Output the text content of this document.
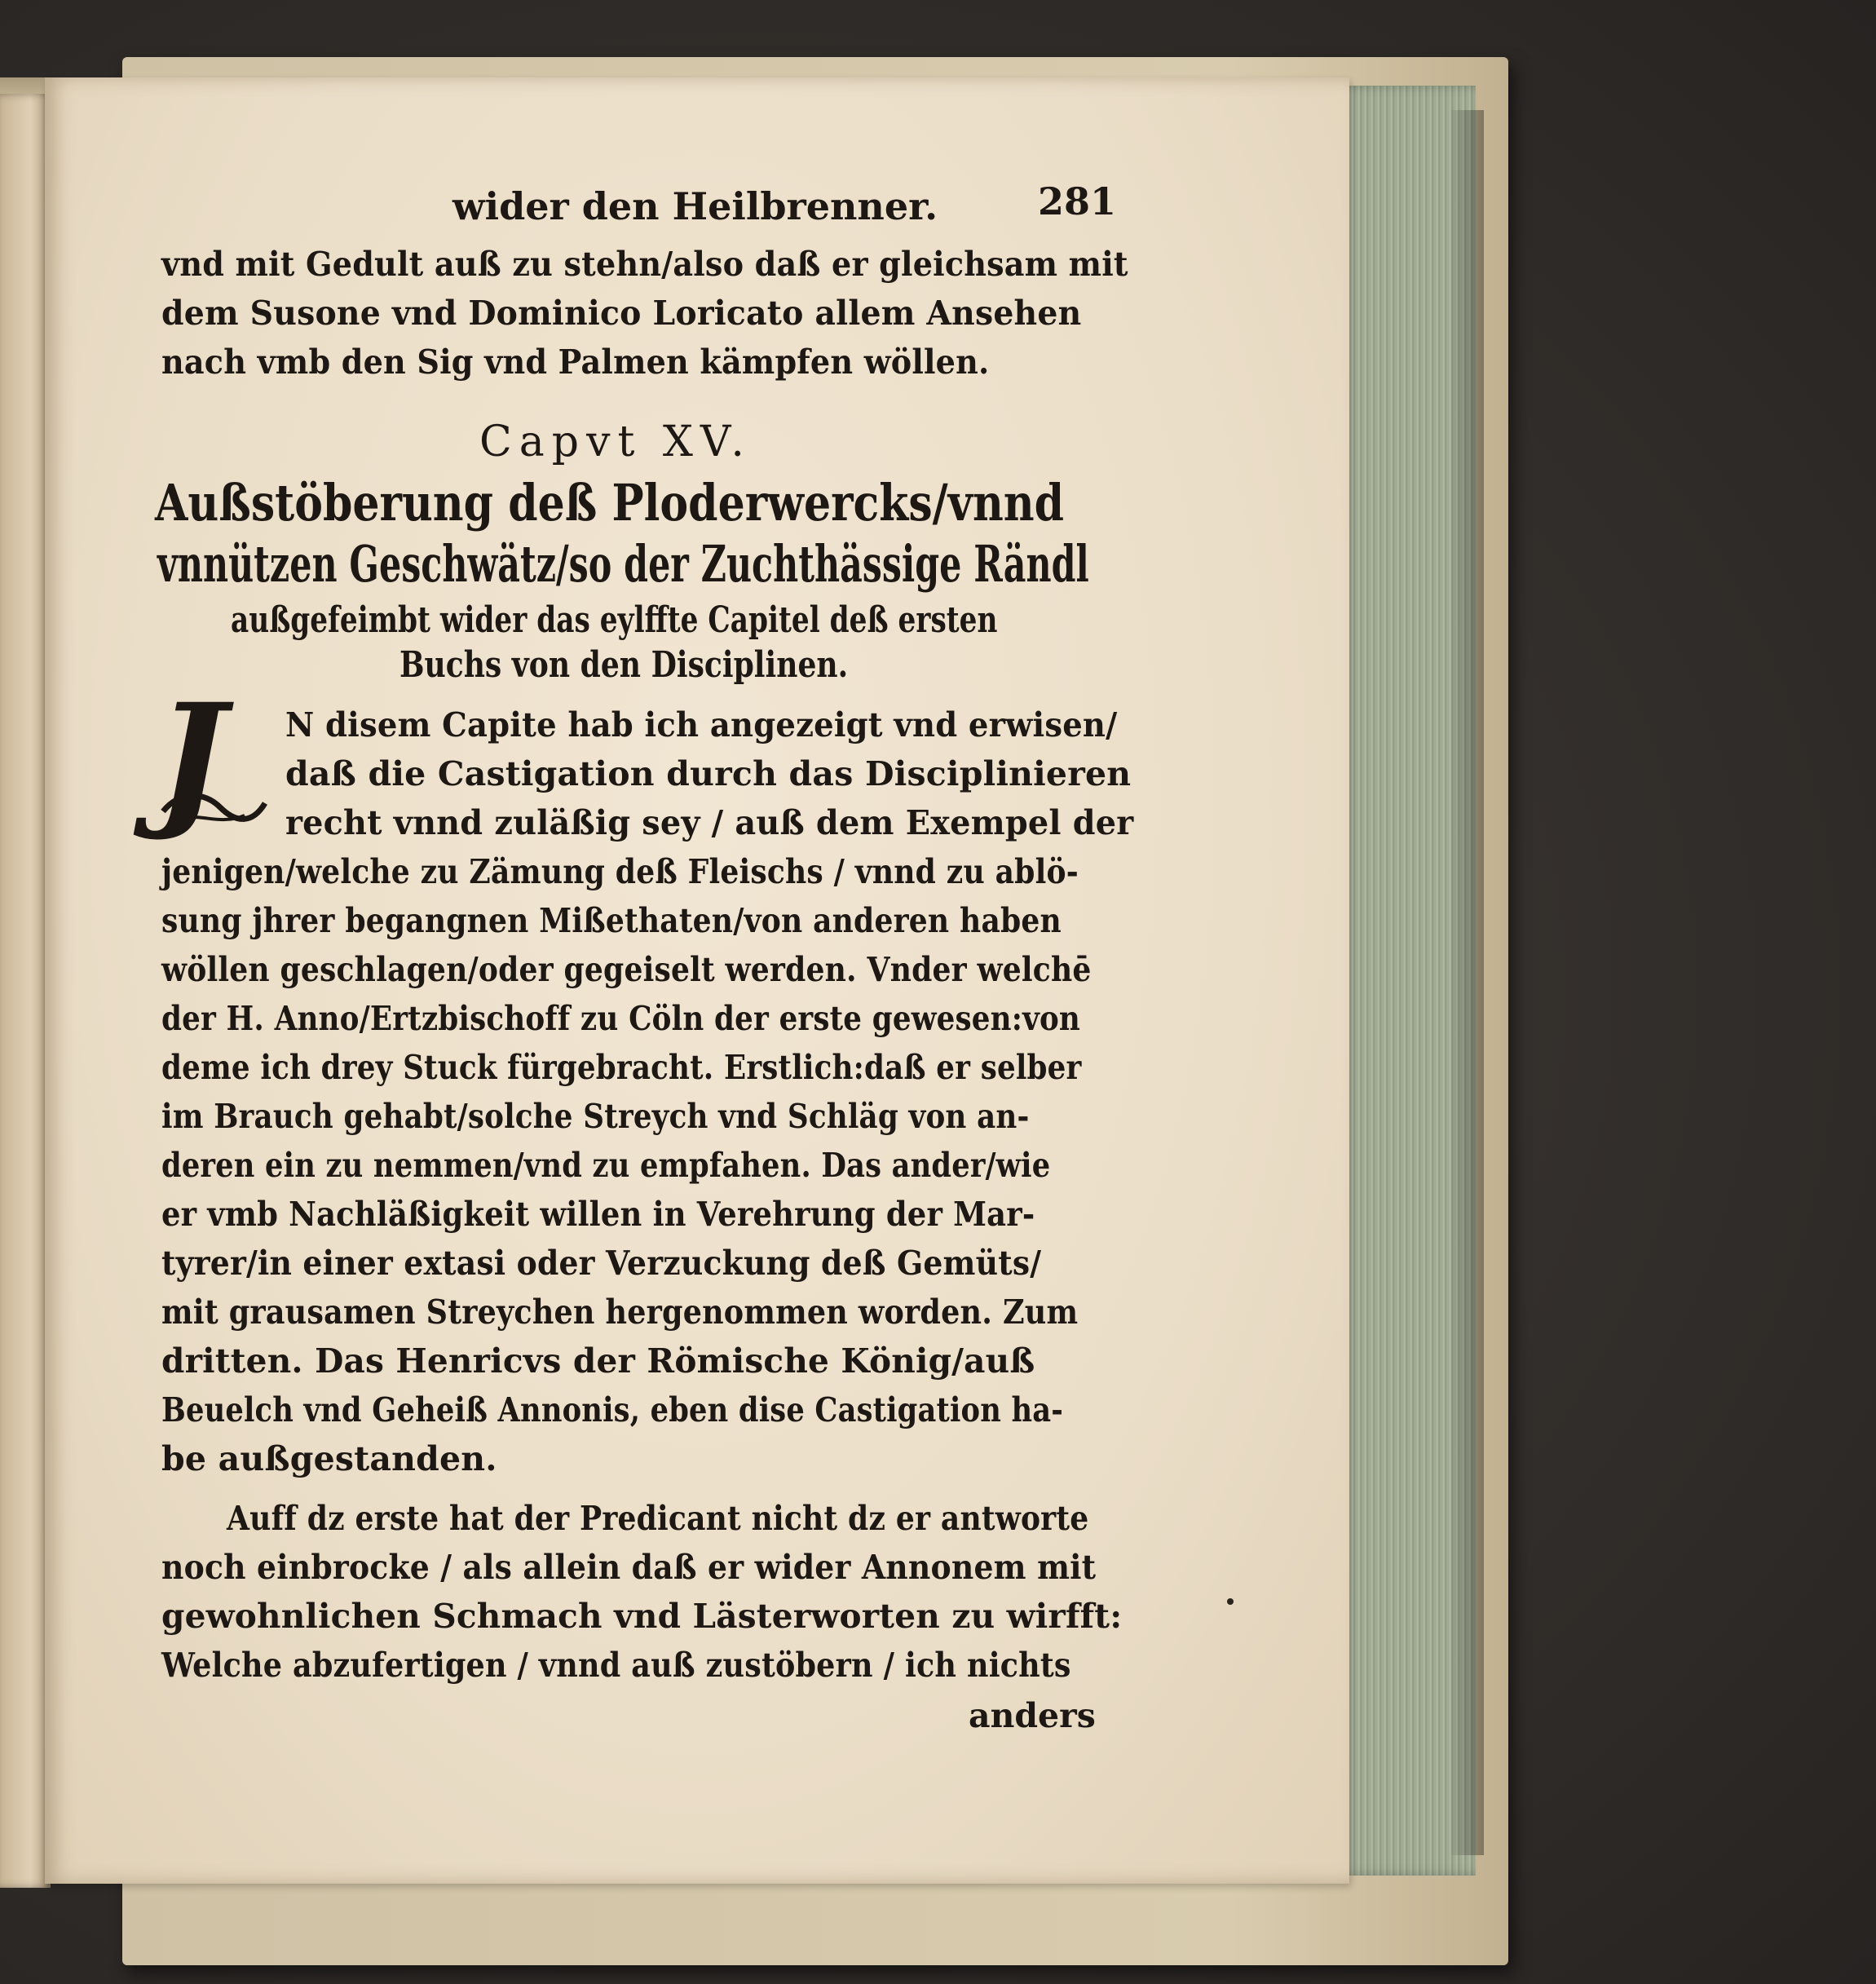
wider den Heilbrenner.	281
vnd mit Gedult auß zu stehn/also daß er gleichsam mit
dem Susone vnd Dominico Loricato allem Ansehen
nach vmb den Sig vnd Palmen kämpfen wöllen.
Capvt XV.
Außstöberung deß Ploderwercks/vnnd
vnnützen Geschwätz/so der Zuchthässige Rändl
außgefeimbt wider das eylffte Capitel deß ersten
Buchs von den Disciplinen.
J	N disem Capite hab ich angezeigt vnd erwisen/
daß die Castigation durch das Disciplinieren
recht vnnd zuläßig sey / auß dem Exempel der
jenigen/welche zu Zämung deß Fleischs / vnnd zu ablö-
sung jhrer begangnen Mißethaten/von anderen haben
wöllen geschlagen/oder gegeiselt werden. Vnder welchē
der H. Anno/Ertzbischoff zu Cöln der erste gewesen:von
deme ich drey Stuck fürgebracht. Erstlich:daß er selber
im Brauch gehabt/solche Streych vnd Schläg von an-
deren ein zu nemmen/vnd zu empfahen. Das ander/wie
er vmb Nachläßigkeit willen in Verehrung der Mar-
tyrer/in einer extasi oder Verzuckung deß Gemüts/
mit grausamen Streychen hergenommen worden. Zum
dritten. Das Henricvs der Römische König/auß
Beuelch vnd Geheiß Annonis, eben dise Castigation ha-
be außgestanden.
Auff dz erste hat der Predicant nicht dz er antworte
noch einbrocke / als allein daß er wider Annonem mit
gewohnlichen Schmach vnd Lästerworten zu wirfft:
Welche abzufertigen / vnnd auß zustöbern / ich nichts
anders
